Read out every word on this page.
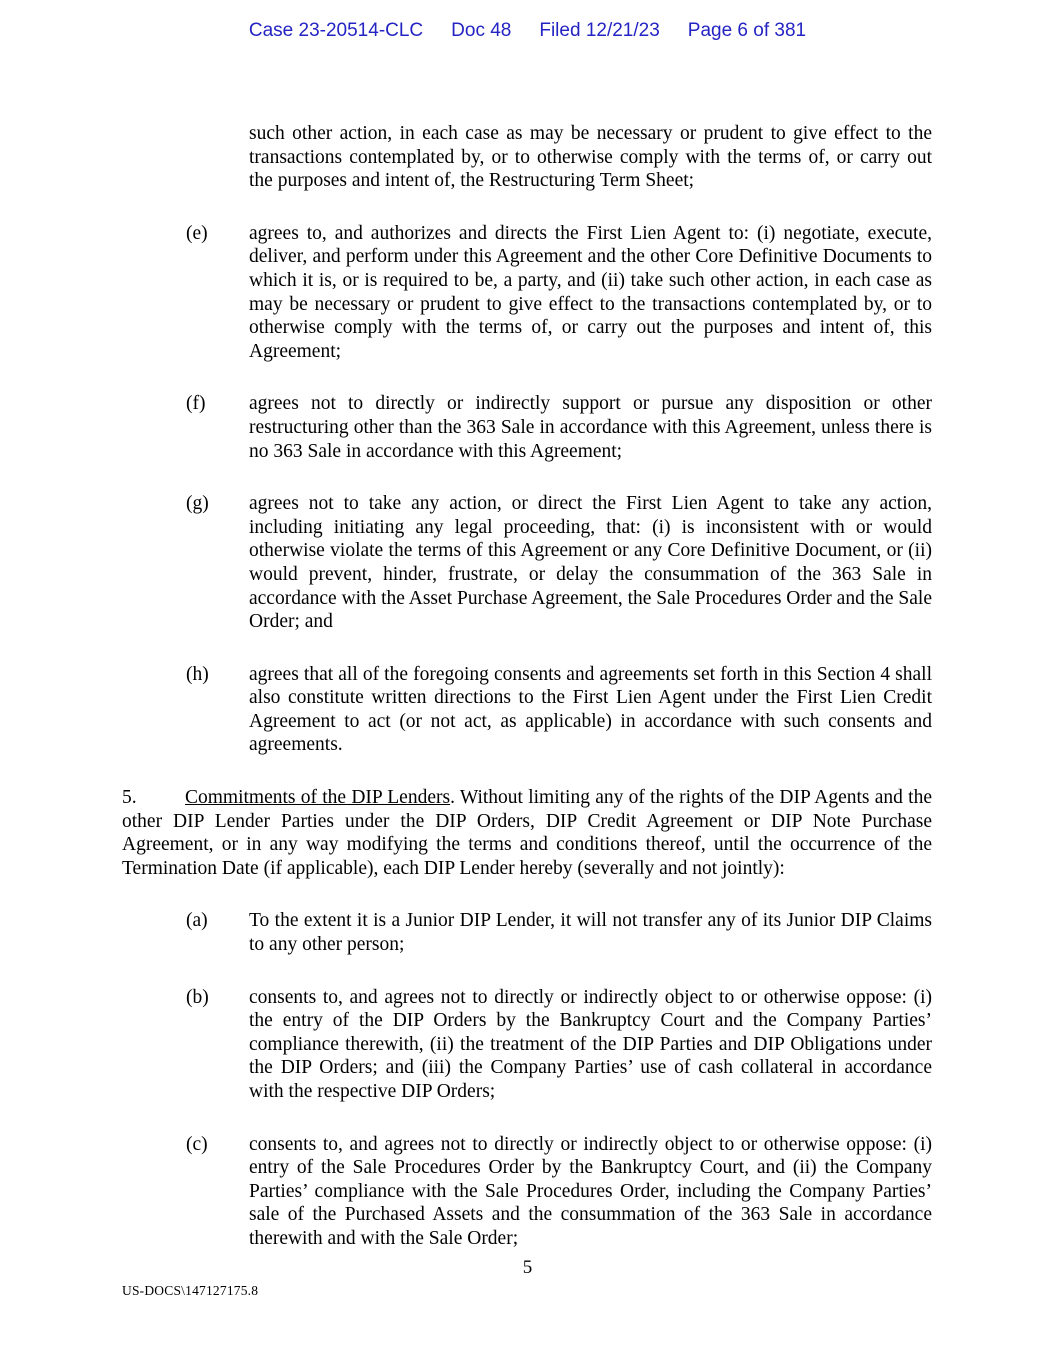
Case 23-20514-CLC Doc 48 Filed 12/21/23 Page 6 of 381

such other action, in each case as may be necessary or prudent to give effect to the transactions contemplated by, or to otherwise comply with the terms of, or carry out the purposes and intent of, the Restructuring Term Sheet;

(e)	agrees to, and authorizes and directs the First Lien Agent to: (i) negotiate, execute, deliver, and perform under this Agreement and the other Core Definitive Documents to which it is, or is required to be, a party, and (ii) take such other action, in each case as may be necessary or prudent to give effect to the transactions contemplated by, or to otherwise comply with the terms of, or carry out the purposes and intent of, this Agreement;
(f)	agrees not to directly or indirectly support or pursue any disposition or other restructuring other than the 363 Sale in accordance with this Agreement, unless there is no 363 Sale in accordance with this Agreement;
(g)	agrees not to take any action, or direct the First Lien Agent to take any action, including initiating any legal proceeding, that: (i) is inconsistent with or would otherwise violate the terms of this Agreement or any Core Definitive Document, or (ii) would prevent, hinder, frustrate, or delay the consummation of the 363 Sale in accordance with the Asset Purchase Agreement, the Sale Procedures Order and the Sale Order; and
(h)	agrees that all of the foregoing consents and agreements set forth in this Section 4 shall also constitute written directions to the First Lien Agent under the First Lien Credit Agreement to act (or not act, as applicable) in accordance with such consents and agreements.

5. Commitments of the DIP Lenders. Without limiting any of the rights of the DIP Agents and the other DIP Lender Parties under the DIP Orders, DIP Credit Agreement or DIP Note Purchase Agreement, or in any way modifying the terms and conditions thereof, until the occurrence of the Termination Date (if applicable), each DIP Lender hereby (severally and not jointly):

(a)	To the extent it is a Junior DIP Lender, it will not transfer any of its Junior DIP Claims to any other person;
(b)	consents to, and agrees not to directly or indirectly object to or otherwise oppose: (i) the entry of the DIP Orders by the Bankruptcy Court and the Company Parties’ compliance therewith, (ii) the treatment of the DIP Parties and DIP Obligations under the DIP Orders; and (iii) the Company Parties’ use of cash collateral in accordance with the respective DIP Orders;
(c)	consents to, and agrees not to directly or indirectly object to or otherwise oppose: (i) entry of the Sale Procedures Order by the Bankruptcy Court, and (ii) the Company Parties’ compliance with the Sale Procedures Order, including the Company Parties’ sale of the Purchased Assets and the consummation of the 363 Sale in accordance therewith and with the Sale Order;
5
US-DOCS\147127175.8
